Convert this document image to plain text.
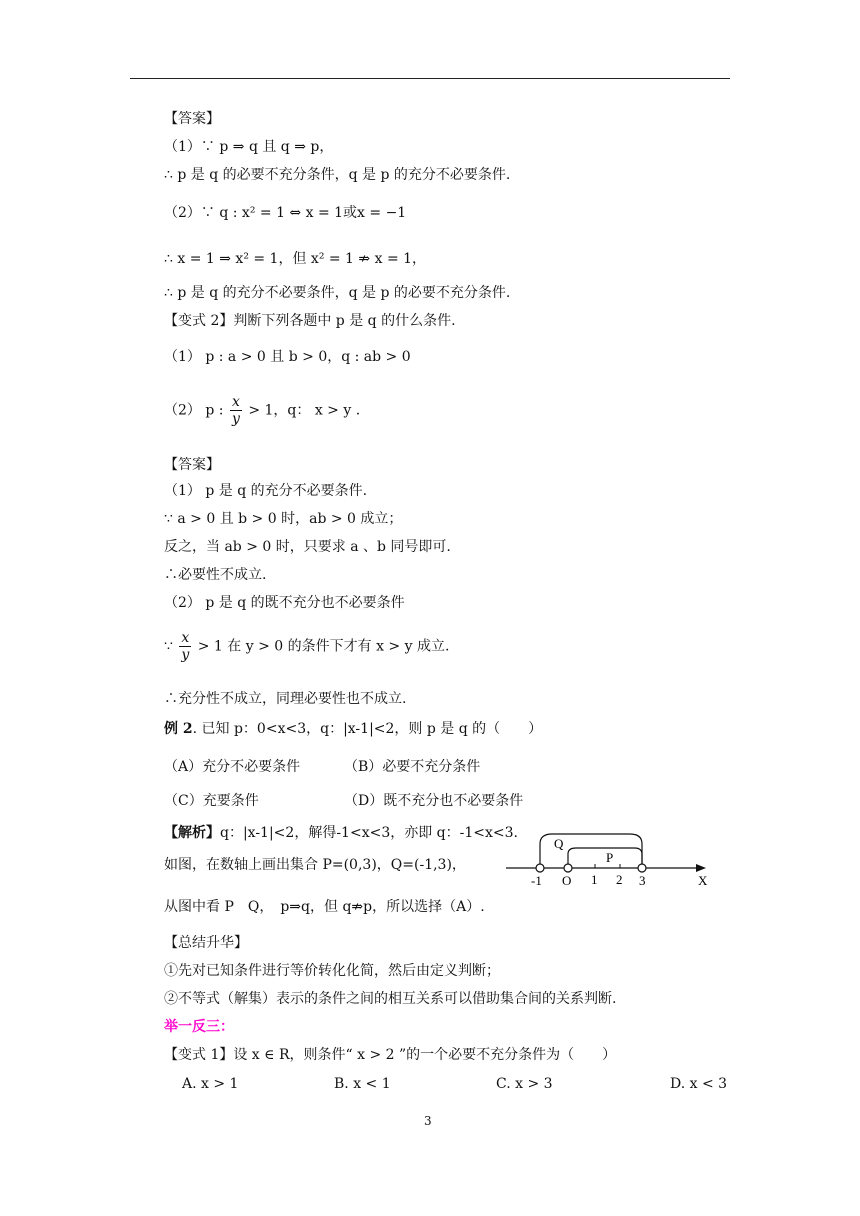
【答案】
（1）∵ p ⇒ q 且 q ⇒ p，
∴ p 是 q 的必要不充分条件，q 是 p 的充分不必要条件.
（2）∵ q : x² = 1 ⇔ x = 1或x = −1
∴ x = 1 ⇒ x² = 1，但 x² = 1 ⇏ x = 1，
∴ p 是 q 的充分不必要条件，q 是 p 的必要不充分条件.
【变式 2】判断下列各题中 p 是 q 的什么条件.
（1） p : a > 0 且 b > 0，q : ab > 0
（2） p : $\frac{x}{y} > 1$，q： x > y .
【答案】
（1） p 是 q 的充分不必要条件.
∵ a > 0 且 b > 0 时，ab > 0 成立；
反之，当 ab > 0 时，只要求 a 、b 同号即可.
∴必要性不成立.
（2） p 是 q 的既不充分也不必要条件
∵ $\frac{x}{y} > 1$ 在 y > 0 的条件下才有 x > y 成立.
∴充分性不成立，同理必要性也不成立.
例 2. 已知 p：0<x<3，q：|x-1|<2，则 p 是 q 的（　　）
（A）充分不必要条件	（B）必要不充分条件
（C）充要条件	（D）既不充分也不必要条件
【解析】q：|x-1|<2，解得-1<x<3，亦即 q：-1<x<3.
如图，在数轴上画出集合 P=(0,3)，Q=(-1,3)，
Q
P
-1 O 1 2 3	X
从图中看 P　Q，　p⇒q，但 q⇏p，所以选择（A）.
【总结升华】
①先对已知条件进行等价转化化简，然后由定义判断；
②不等式（解集）表示的条件之间的相互关系可以借助集合间的关系判断.
举一反三：
【变式 1】设 x ∈ R，则条件“ x > 2 ”的一个必要不充分条件为（　　）
A. x > 1	B. x < 1	C. x > 3	D. x < 3
3
